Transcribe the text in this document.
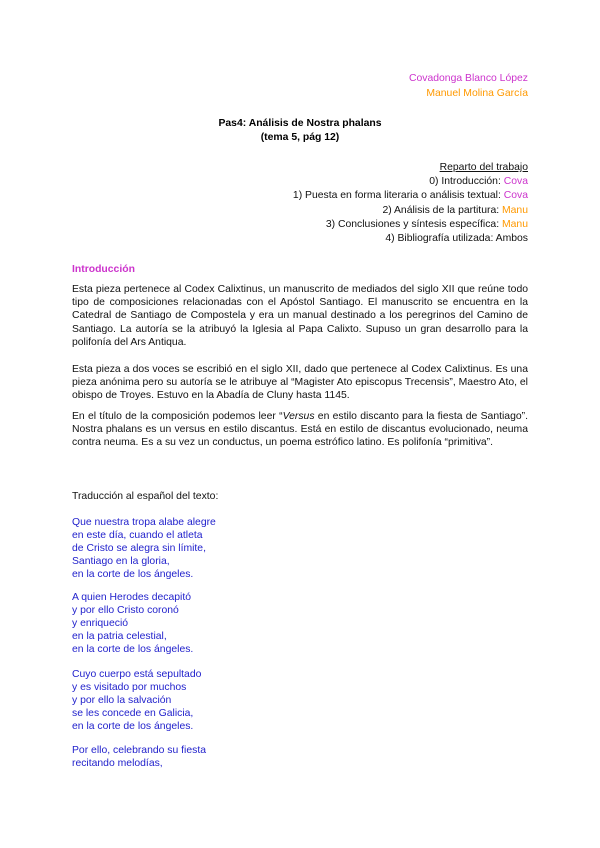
Covadonga Blanco López
Manuel Molina García
Pas4: Análisis de Nostra phalans
(tema 5, pág 12)
Reparto del trabajo
0) Introducción: Cova
1) Puesta en forma literaria o análisis textual: Cova
2) Análisis de la partitura: Manu
3) Conclusiones y síntesis específica: Manu
4) Bibliografía utilizada: Ambos
Introducción

Esta pieza pertenece al Codex Calixtinus, un manuscrito de mediados del siglo XII que reúne todo tipo de composiciones relacionadas con el Apóstol Santiago. El manuscrito se encuentra en la Catedral de Santiago de Compostela y era un manual destinado a los peregrinos del Camino de Santiago. La autoría se la atribuyó la Iglesia al Papa Calixto. Supuso un gran desarrollo para la polifonía del Ars Antiqua.

Esta pieza a dos voces se escribió en el siglo XII, dado que pertenece al Codex Calixtinus. Es una pieza anónima pero su autoría se le atribuye al “Magister Ato episcopus Trecensis”, Maestro Ato, el obispo de Troyes. Estuvo en la Abadía de Cluny hasta 1145.

En el título de la composición podemos leer “Versus en estilo discanto para la fiesta de Santiago”. Nostra phalans es un versus en estilo discantus. Está en estilo de discantus evolucionado, neuma contra neuma. Es a su vez un conductus, un poema estrófico latino. Es polifonía “primitiva”.

Traducción al español del texto:
Que nuestra tropa alabe alegre
en este día, cuando el atleta
de Cristo se alegra sin límite,
Santiago en la gloria,
en la corte de los ángeles.
A quien Herodes decapitó
y por ello Cristo coronó
y enriqueció
en la patria celestial,
en la corte de los ángeles.
Cuyo cuerpo está sepultado
y es visitado por muchos
y por ello la salvación
se les concede en Galicia,
en la corte de los ángeles.
Por ello, celebrando su fiesta
recitando melodías,
